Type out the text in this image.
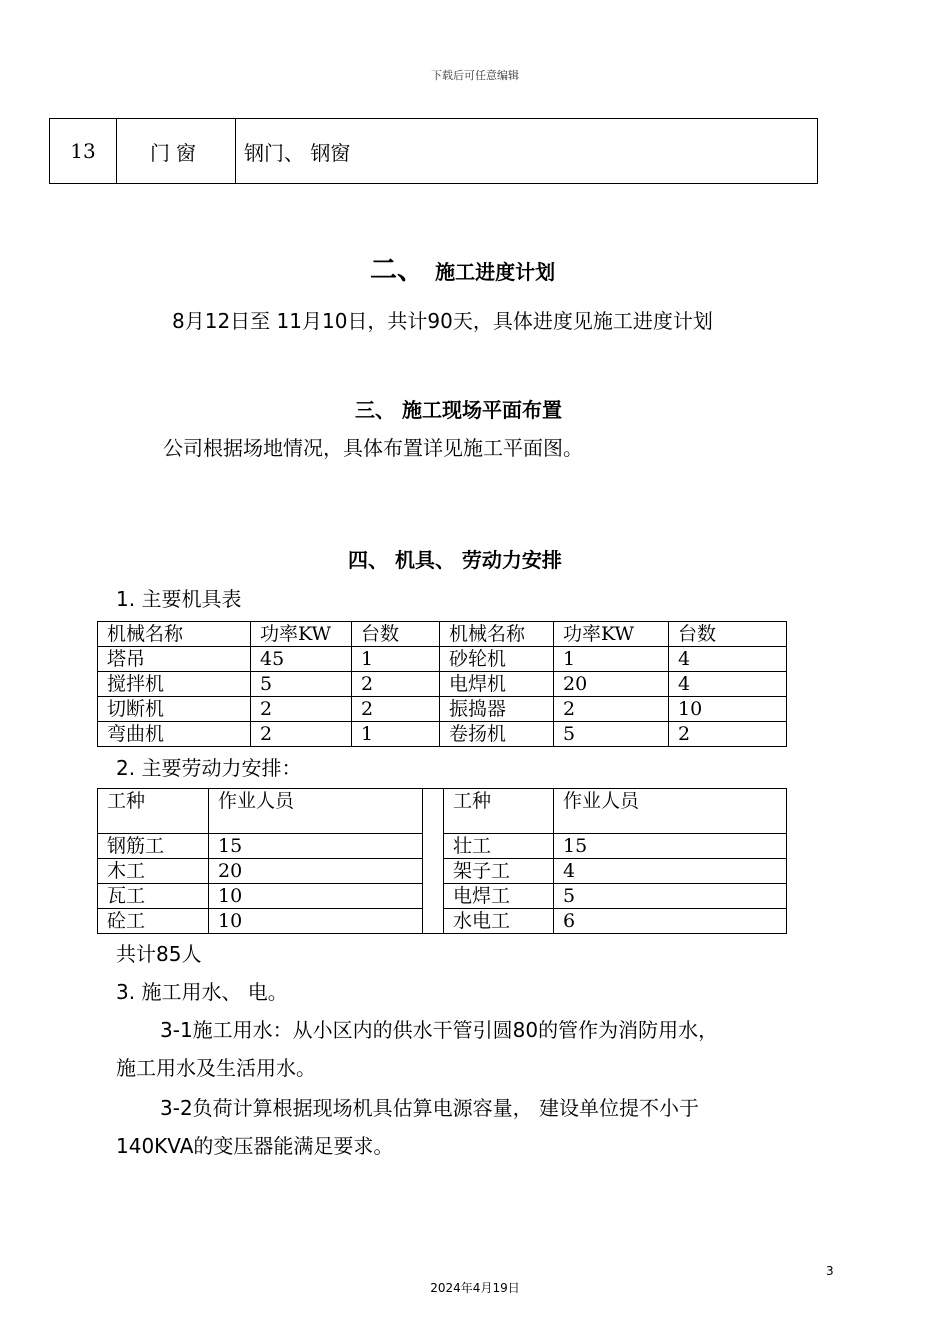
下载后可任意编辑
13	门窗	钢门、 钢窗
二、 施工进度计划
8月12日至 11月10日，共计90天，具体进度见施工进度计划
三、 施工现场平面布置
公司根据场地情况，具体布置详见施工平面图。
四、 机具、 劳动力安排
1. 主要机具表
机械名称	功率KW	台数	机械名称	功率KW	台数
塔吊	45	1	砂轮机	1	4
搅拌机	5	2	电焊机	20	4
切断机	2	2	振捣器	2	10
弯曲机	2	1	卷扬机	5	2
2. 主要劳动力安排：
工种	作业人员		工种	作业人员
钢筋工	15		壮工	15
木工	20		架子工	4
瓦工	10		电焊工	5
砼工	10		水电工	6
共计85人
3. 施工用水、 电。
3-1施工用水：从小区内的供水干管引圆80的管作为消防用水，
施工用水及生活用水。
3-2负荷计算根据现场机具估算电源容量， 建设单位提不小于
140KVA的变压器能满足要求。
3
2024年4月19日
